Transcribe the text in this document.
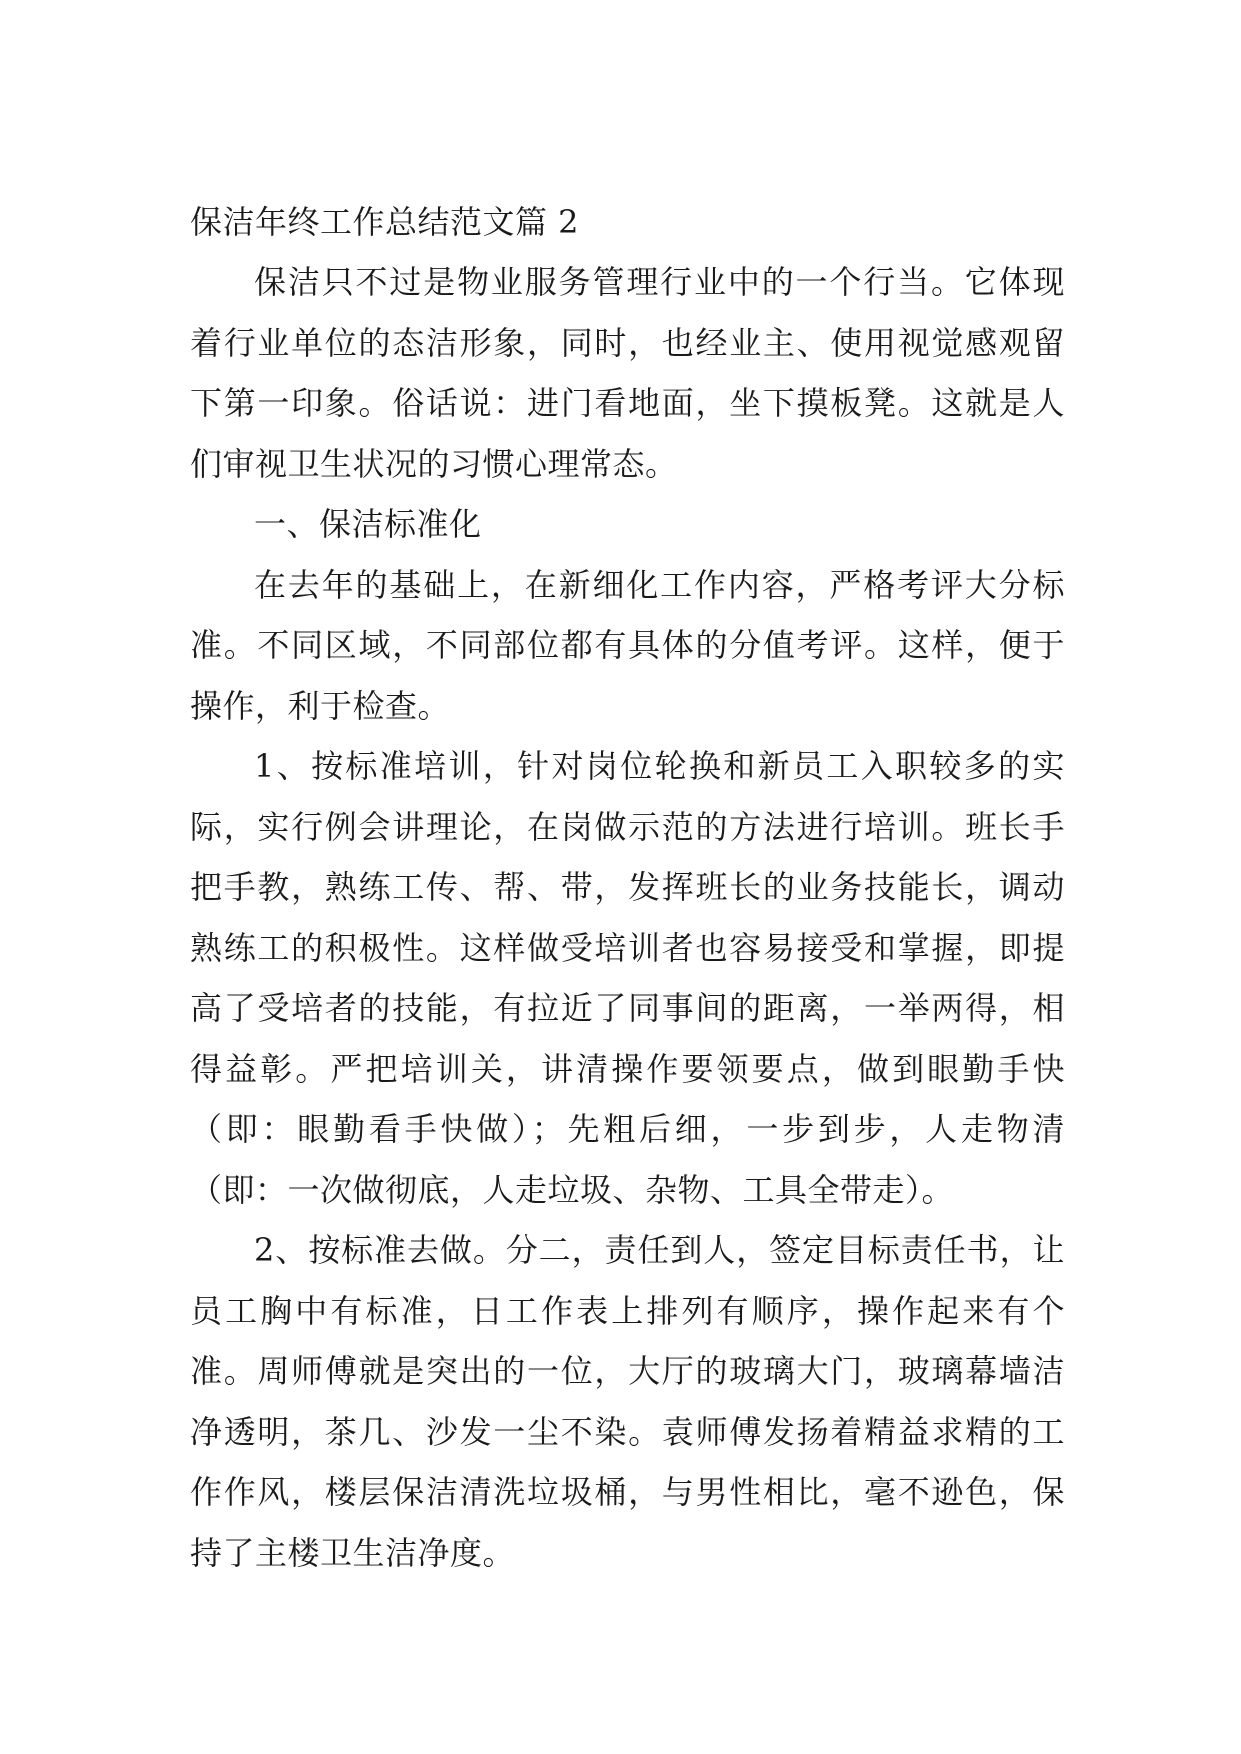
保洁年终工作总结范文篇 2

保洁只不过是物业服务管理行业中的一个行当。它体现着行业单位的态洁形象，同时，也经业主、使用视觉感观留下第一印象。俗话说：进门看地面，坐下摸板凳。这就是人们审视卫生状况的习惯心理常态。

一、保洁标准化

在去年的基础上，在新细化工作内容，严格考评大分标准。不同区域，不同部位都有具体的分值考评。这样，便于操作，利于检查。

1、按标准培训，针对岗位轮换和新员工入职较多的实际，实行例会讲理论，在岗做示范的方法进行培训。班长手把手教，熟练工传、帮、带，发挥班长的业务技能长，调动熟练工的积极性。这样做受培训者也容易接受和掌握，即提高了受培者的技能，有拉近了同事间的距离，一举两得，相得益彰。严把培训关，讲清操作要领要点，做到眼勤手快（即：眼勤看手快做）；先粗后细，一步到步，人走物清（即：一次做彻底，人走垃圾、杂物、工具全带走）。

2、按标准去做。分二，责任到人，签定目标责任书，让员工胸中有标准，日工作表上排列有顺序，操作起来有个准。周师傅就是突出的一位，大厅的玻璃大门，玻璃幕墙洁净透明，茶几、沙发一尘不染。袁师傅发扬着精益求精的工作作风，楼层保洁清洗垃圾桶，与男性相比，毫不逊色，保持了主楼卫生洁净度。
